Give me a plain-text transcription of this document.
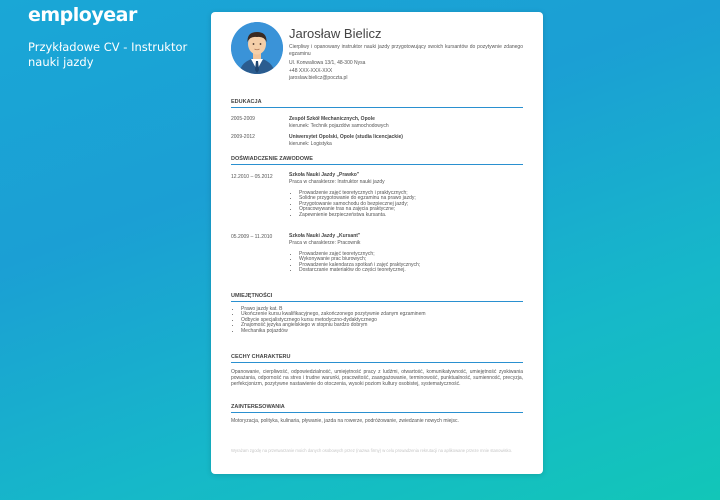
employear
Przykładowe CV - Instruktor nauki jazdy
Jarosław Bielicz
Cierpliwy i opanowany instruktor nauki jazdy przygotowujący swoich kursantów do pozytywnie zdanego egzaminu
Ul. Konwaliowa 13/1, 48-300 Nysa
+48 XXX-XXX-XXX
jaroslaw.bielicz@poczta.pl
EDUKACJA
2005-2009	Zespół Szkół Mechanicznych, Opole
kierunek: Technik pojazdów samochodowych
2009-2012	Uniwersytet Opolski, Opole (studia licencjackie)
kierunek: Logistyka
DOŚWIADCZENIE ZAWODOWE
12.2010 – 05.2012	Szkoła Nauki Jazdy „Prawko”
Praca w charakterze: Instruktor nauki jazdy
• Prowadzenie zajęć teoretycznych i praktycznych;
• Solidne przygotowanie do egzaminu na prawo jazdy;
• Przygotowanie samochodu do bezpiecznej jazdy;
• Opracowywanie tras na zajęcia praktyczne;
• Zapewnienie bezpieczeństwa kursanta.
05.2009 – 11.2010	Szkoła Nauki Jazdy „Kursant”
Praca w charakterze: Pracownik
• Prowadzenie zajęć teoretycznych;
• Wykonywanie prac biurowych;
• Prowadzenie kalendarza spotkań i zajęć praktycznych;
• Dostarczanie materiałów do części teoretycznej.
UMIEJĘTNOŚCI
• Prawo jazdy kat. B
• Ukończenie kursu kwalifikacyjnego, zakończonego pozytywnie zdanym egzaminem
• Odbycie specjalistycznego kursu metodyczno-dydaktycznego
• Znajomość języka angielskiego w stopniu bardzo dobrym
• Mechanika pojazdów
CECHY CHARAKTERU
Opanowanie, cierpliwość, odpowiedzialność, umiejętność pracy z ludźmi, otwartość, komunikatywność, umiejętność zyskiwania poważania, odporność na stres i trudne warunki, pracowitość, zaangażowanie, terminowość, punktualność, sumienność, precyzja, perfekcjonizm, pozytywne nastawienie do otoczenia, wysoki poziom kultury osobistej, systematyczność.
ZAINTERESOWANIA
Motoryzacja, polityka, kulinaria, pływanie, jazda na rowerze, podróżowanie, zwiedzanie nowych miejsc.
Wyrażam zgodę na przetwarzanie moich danych osobowych przez (nazwa firmy) w celu prowadzenia rekrutacji na aplikowane przeze mnie stanowisko.
